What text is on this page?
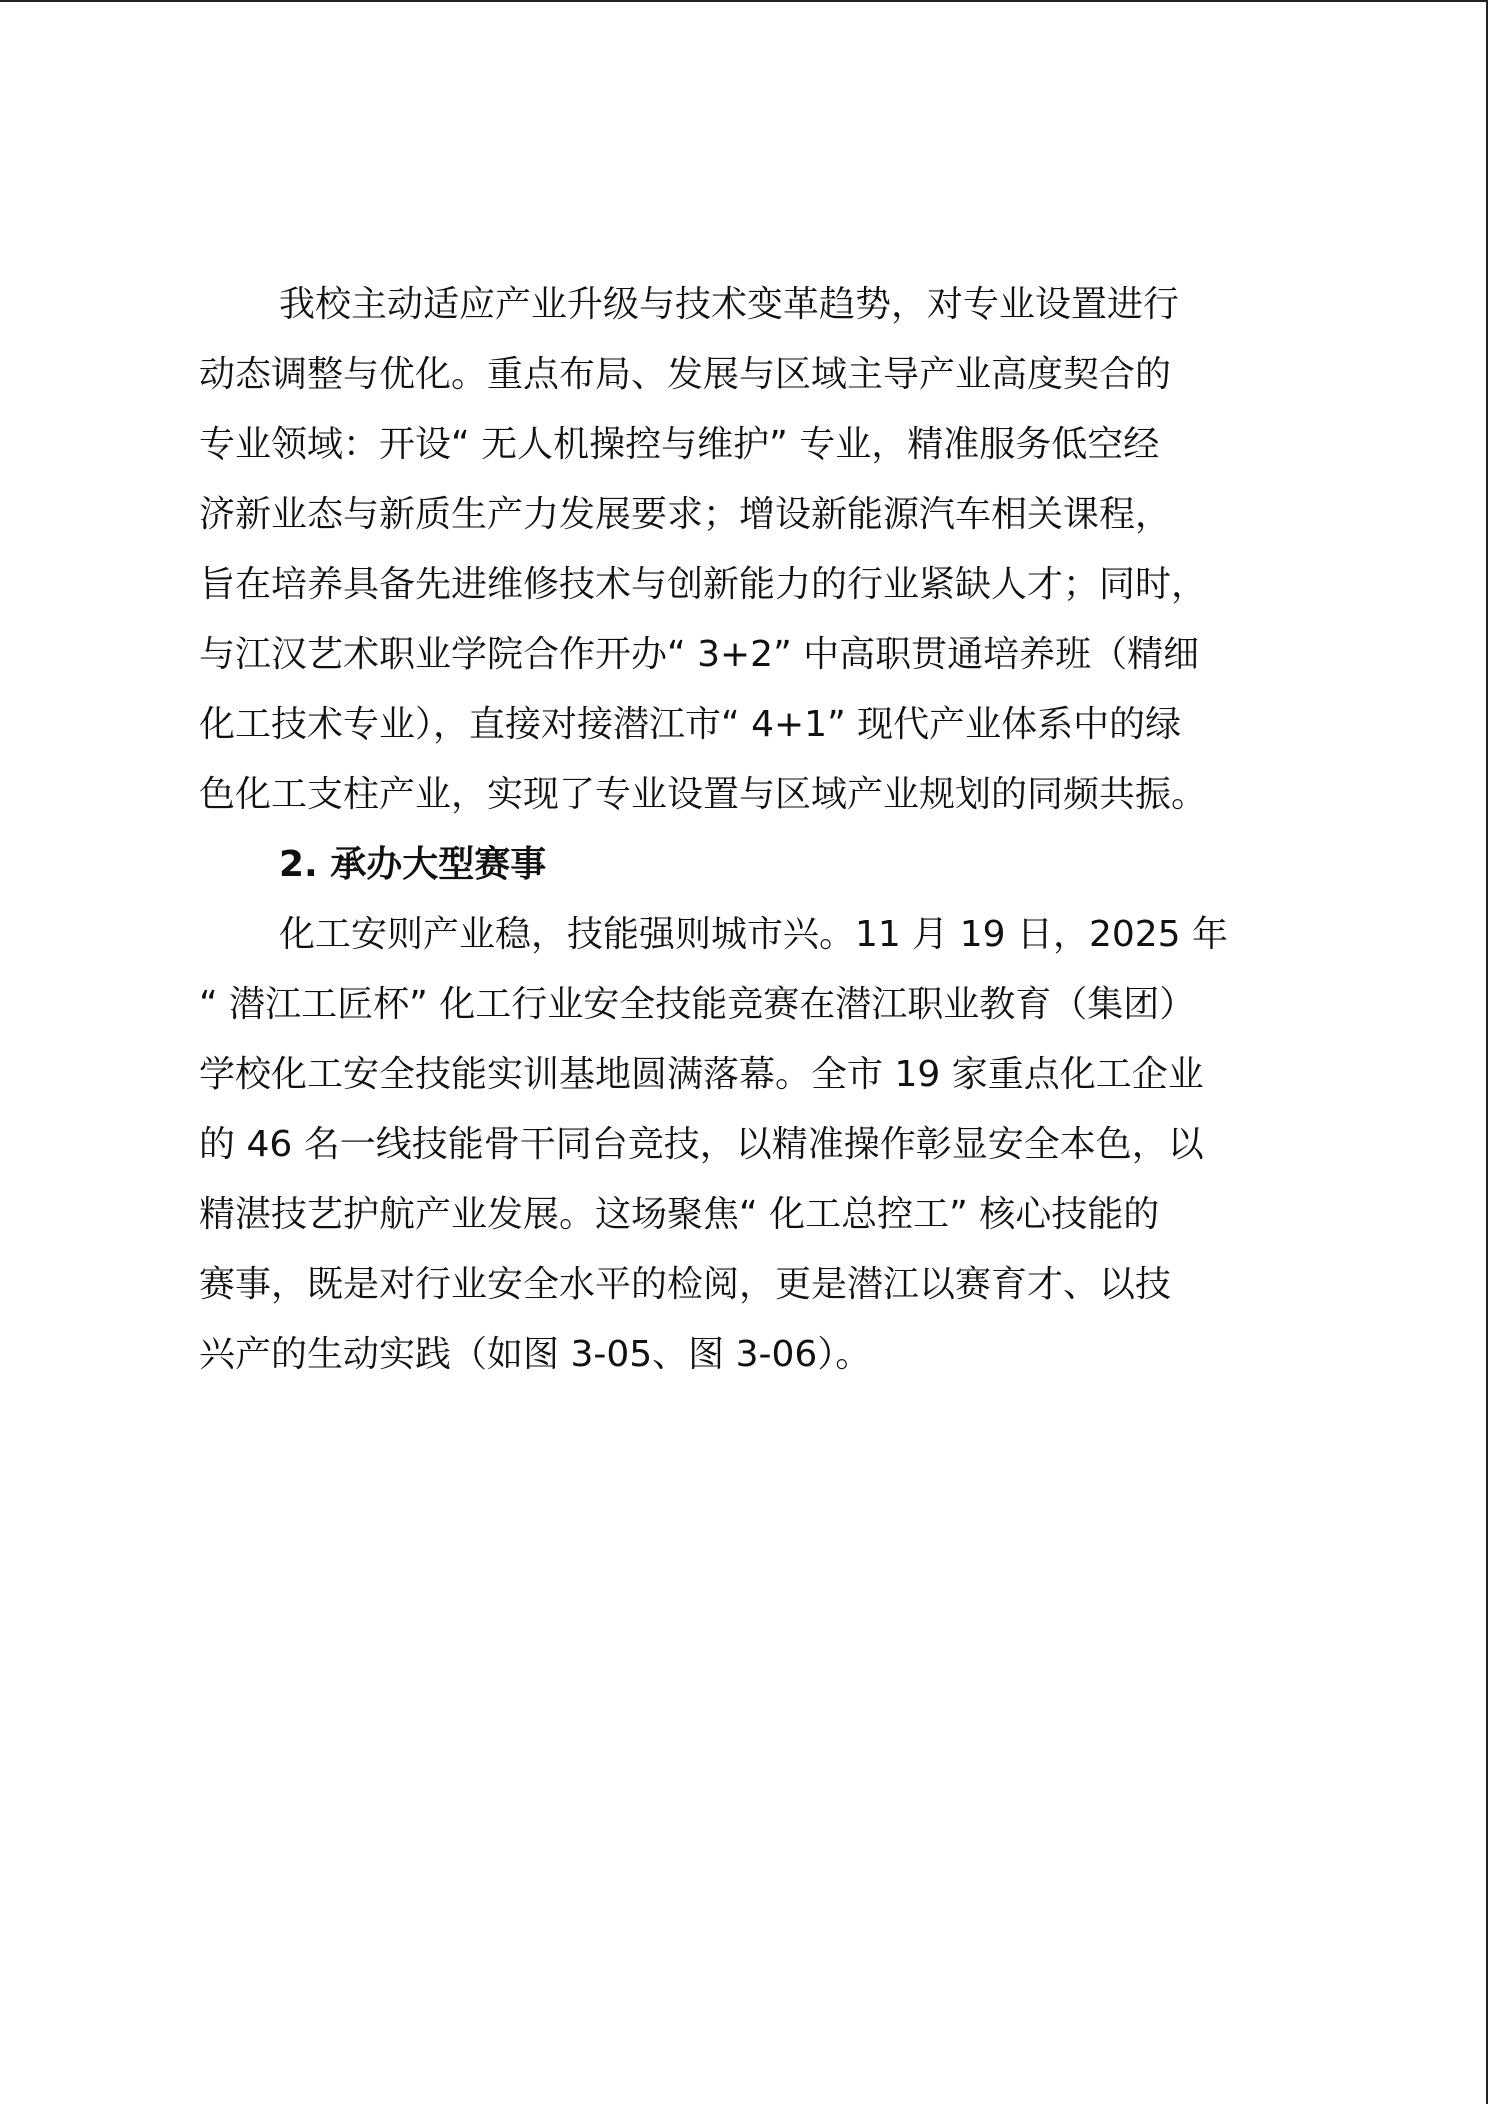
我校主动适应产业升级与技术变革趋势，对专业设置进行
动态调整与优化。重点布局、发展与区域主导产业高度契合的
专业领域：开设“ 无人机操控与维护” 专业，精准服务低空经
济新业态与新质生产力发展要求；增设新能源汽车相关课程，
旨在培养具备先进维修技术与创新能力的行业紧缺人才；同时，
与江汉艺术职业学院合作开办“ 3+2” 中高职贯通培养班（精细
化工技术专业），直接对接潜江市“ 4+1” 现代产业体系中的绿
色化工支柱产业，实现了专业设置与区域产业规划的同频共振。
2. 承办大型赛事
化工安则产业稳，技能强则城市兴。11 月 19 日，2025 年
“ 潜江工匠杯” 化工行业安全技能竞赛在潜江职业教育（集团）
学校化工安全技能实训基地圆满落幕。全市 19 家重点化工企业
的 46 名一线技能骨干同台竞技，以精准操作彰显安全本色，以
精湛技艺护航产业发展。这场聚焦“ 化工总控工” 核心技能的
赛事，既是对行业安全水平的检阅，更是潜江以赛育才、以技
兴产的生动实践（如图 3-05、图 3-06）。
